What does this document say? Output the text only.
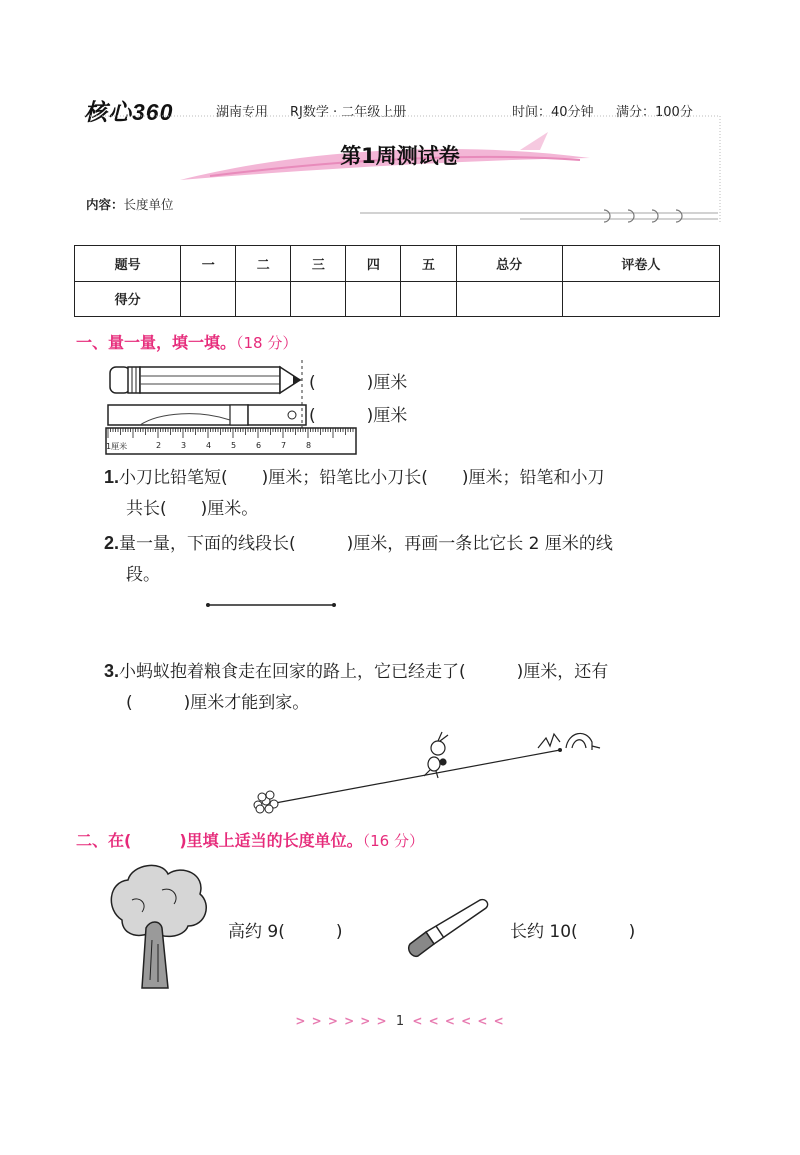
核心360	湖南专用 RJ数学 · 二年级上册	时间：40分钟 满分：100分
第1周测试卷
内容：长度单位
题号	一	二	三	四	五	总分	评卷人
得分							
一、量一量，填一填。（18 分）
1厘米	2 3 4 5 6 7 8
(　　　)厘米
(　　　)厘米
1.小刀比铅笔短(　　)厘米；铅笔比小刀长(　　)厘米；铅笔和小刀
共长(　　)厘米。
2.量一量，下面的线段长(　　　)厘米，再画一条比它长 2 厘米的线
段。
3.小蚂蚁抱着粮食走在回家的路上，它已经走了(　　　)厘米，还有
(　　　)厘米才能到家。
二、在(　　　)里填上适当的长度单位。（16 分）
高约 9(　　　)	长约 10(　　　)
> > > > > > 1 < < < < < <
